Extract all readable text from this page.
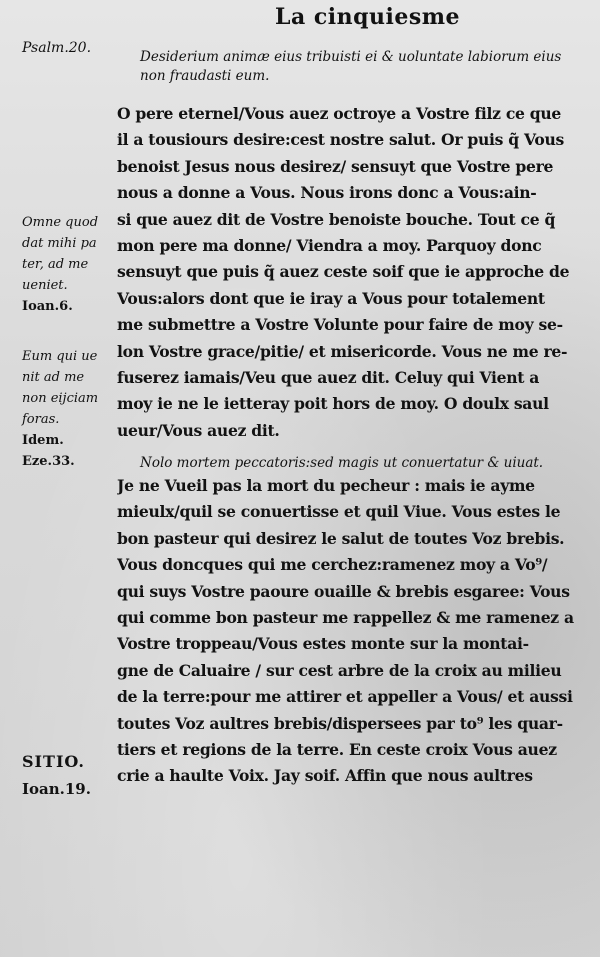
La cinquiesme
Psalm.20.
Desiderium animæ eius tribuisti ei & uoluntate labiorum eius
non fraudasti eum.
O pere eternel/Vous auez octroye a Vostre filz ce que
il a tousiours desire:cest nostre salut. Or puis q̃ Vous
benoist Jesus nous desirez/ sensuyt que Vostre pere
nous a donne a Vous. Nous irons donc a Vous:ain-
si que auez dit de Vostre benoiste bouche. Tout ce q̃
mon pere ma donne/ Viendra a moy. Parquoy donc
sensuyt que puis q̃ auez ceste soif que ie approche de
Vous:alors dont que ie iray a Vous pour totalement
me submettre a Vostre Volunte pour faire de moy se-
lon Vostre grace/pitie/ et misericorde. Vous ne me re-
fuserez iamais/Veu que auez dit. Celuy qui Vient a
moy ie ne le ietteray poit hors de moy. O doulx saul
ueur/Vous auez dit.
Omne quod
dat mihi pa
ter, ad me
ueniet.
Ioan.6.
Eum qui ue
nit ad me
non eijciam
foras.
Idem.
Eze.33.	Nolo mortem peccatoris:sed magis ut conuertatur & uiuat.
Je ne Vueil pas la mort du pecheur : mais ie ayme
mieulx/quil se conuertisse et quil Viue. Vous estes le
bon pasteur qui desirez le salut de toutes Voz brebis.
Vous doncques qui me cerchez:ramenez moy a Vo⁹/
qui suys Vostre paoure ouaille & brebis esgaree: Vous
qui comme bon pasteur me rappellez & me ramenez a
Vostre troppeau/Vous estes monte sur la montai-
gne de Caluaire / sur cest arbre de la croix au milieu
de la terre:pour me attirer et appeller a Vous/ et aussi
toutes Voz aultres brebis/dispersees par to⁹ les quar-
tiers et regions de la terre. En ceste croix Vous auez
crie a haulte Voix. Jay soif. Affin que nous aultres
SITIO.
Ioan.19.
